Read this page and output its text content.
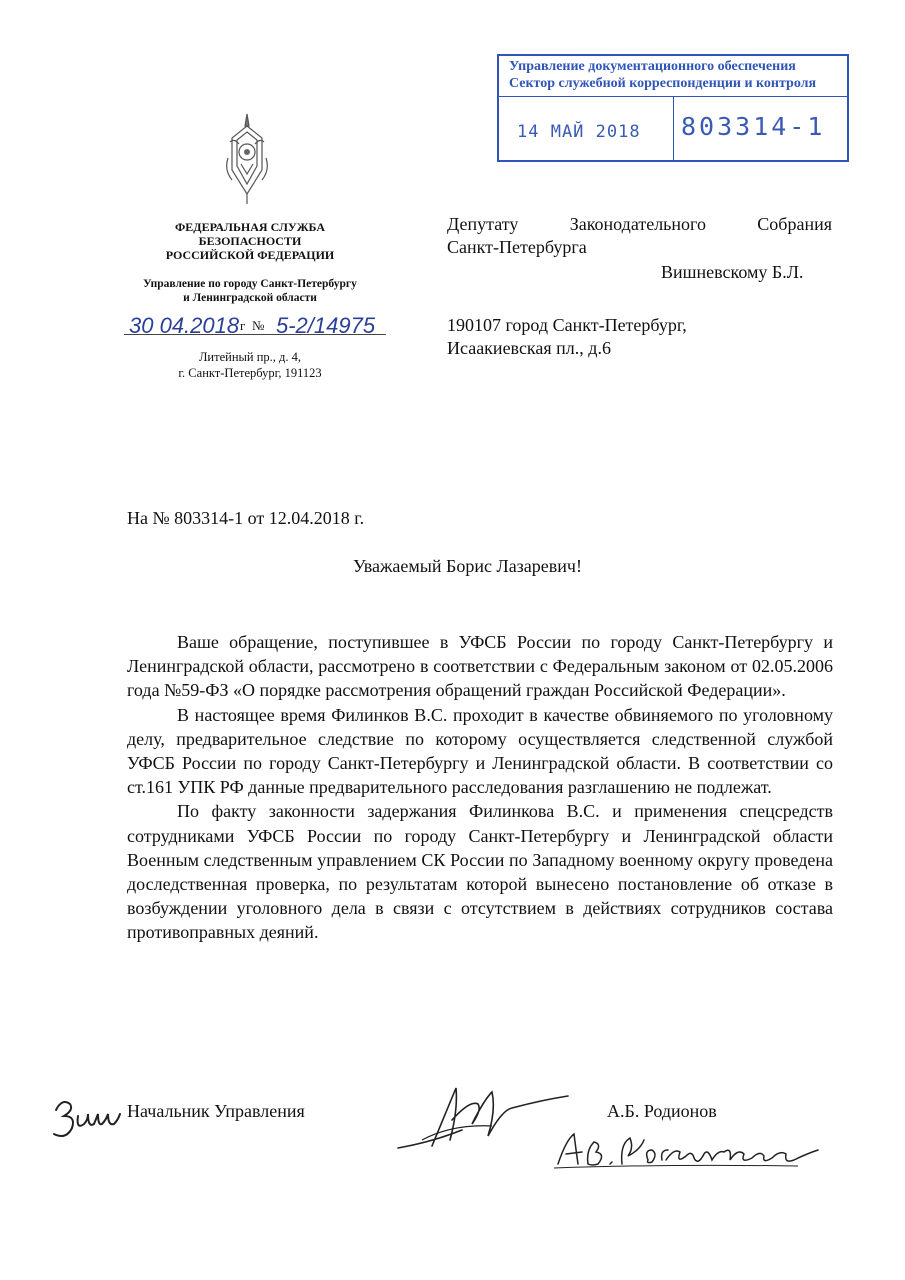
Управление документационного обеспечения
Сектор служебной корреспонденции и контроля
14 МАЙ 2018 803314-1
ФЕДЕРАЛЬНАЯ СЛУЖБА
БЕЗОПАСНОСТИ
РОССИЙСКОЙ ФЕДЕРАЦИИ
Управление по городу Санкт-Петербургу
и Ленинградской области
30 04.2018 г № 5-2/14975
Литейный пр., д. 4,
г. Санкт-Петербург, 191123
Депутату	Законодательного	Собрания
Санкт-Петербурга
Вишневскому Б.Л.
190107 город Санкт-Петербург,
Исаакиевская пл., д.6
На № 803314-1 от 12.04.2018 г.
Уважаемый Борис Лазаревич!

Ваше обращение, поступившее в УФСБ России по городу Санкт-Петербургу и Ленинградской области, рассмотрено в соответствии с Федеральным законом от 02.05.2006 года №59-ФЗ «О порядке рассмотрения обращений граждан Российской Федерации».

В настоящее время Филинков В.С. проходит в качестве обвиняемого по уголовному делу, предварительное следствие по которому осуществляется следственной службой УФСБ России по городу Санкт-Петербургу и Ленинградской области. В соответствии со ст.161 УПК РФ данные предварительного расследования разглашению не подлежат.

По факту законности задержания Филинкова В.С. и применения спецсредств сотрудниками УФСБ России по городу Санкт-Петербургу и Ленинградской области Военным следственным управлением СК России по Западному военному округу проведена доследственная проверка, по результатам которой вынесено постановление об отказе в возбуждении уголовного дела в связи с отсутствием в действиях сотрудников состава противоправных деяний.

Начальник Управления	А.Б. Родионов
